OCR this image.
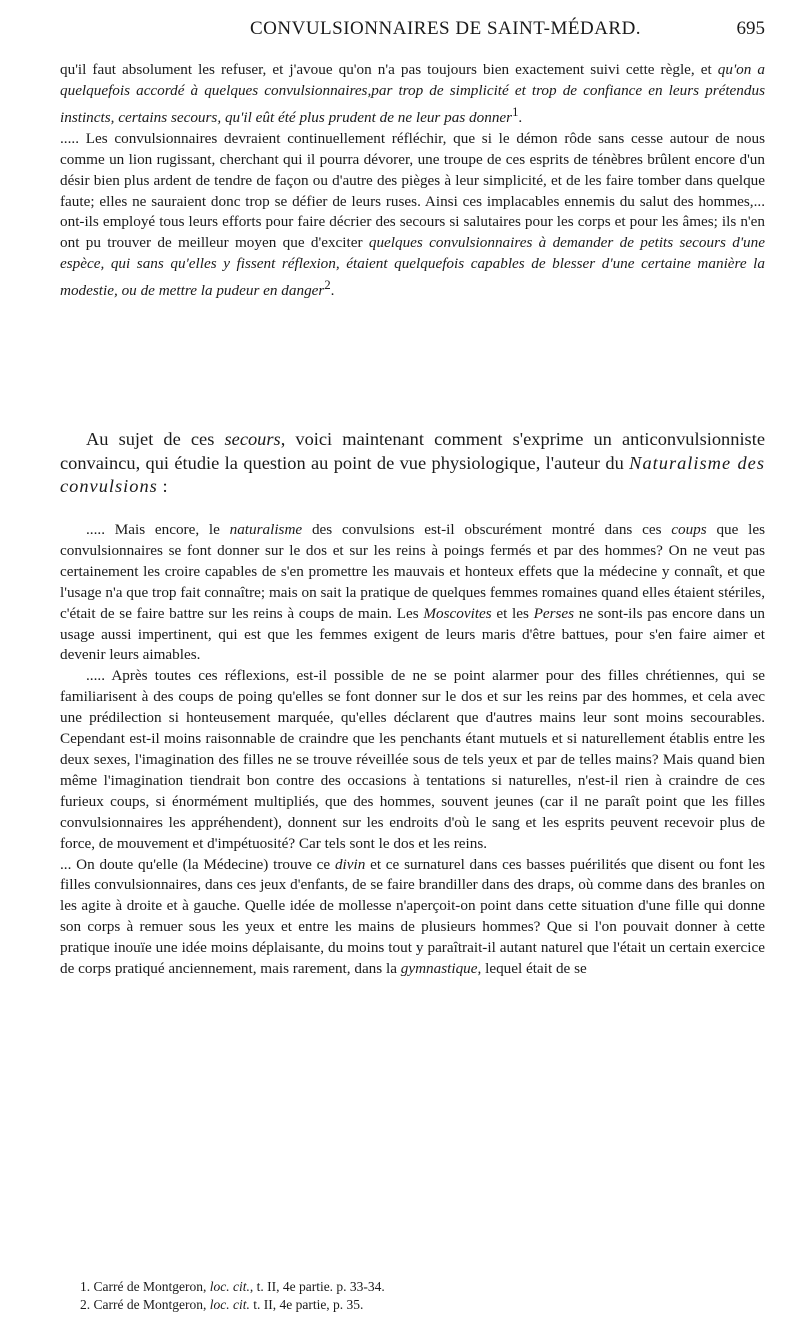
CONVULSIONNAIRES DE SAINT-MÉDARD.	695

qu'il faut absolument les refuser, et j'avoue qu'on n'a pas toujours bien exactement suivi cette règle, et qu'on a quelquefois accordé à quelques convulsionnaires,par trop de simplicité et trop de confiance en leurs prétendus instincts, certains secours, qu'il eût été plus prudent de ne leur pas donner$^1$.

..... Les convulsionnaires devraient continuellement réfléchir, que si le démon rôde sans cesse autour de nous comme un lion rugissant, cherchant qui il pourra dévorer, une troupe de ces esprits de ténèbres brûlent encore d'un désir bien plus ardent de tendre de façon ou d'autre des pièges à leur simplicité, et de les faire tomber dans quelque faute; elles ne sauraient donc trop se défier de leurs ruses. Ainsi ces implacables ennemis du salut des hommes,... ont-ils employé tous leurs efforts pour faire décrier des secours si salutaires pour les corps et pour les âmes; ils n'en ont pu trouver de meilleur moyen que d'exciter quelques convulsionnaires à demander de petits secours d'une espèce, qui sans qu'elles y fissent réflexion, étaient quelquefois capables de blesser d'une certaine manière la modestie, ou de mettre la pudeur en danger$^2$.

Au sujet de ces secours, voici maintenant comment s'exprime un anticonvulsionniste convaincu, qui étudie la question au point de vue physiologique, l'auteur du Naturalisme des convulsions :

..... Mais encore, le naturalisme des convulsions est-il obscurément montré dans ces coups que les convulsionnaires se font donner sur le dos et sur les reins à poings fermés et par des hommes? On ne veut pas certainement les croire capables de s'en promettre les mauvais et honteux effets que la médecine y connaît, et que l'usage n'a que trop fait connaître; mais on sait la pratique de quelques femmes romaines quand elles étaient stériles, c'était de se faire battre sur les reins à coups de main. Les Moscovites et les Perses ne sont-ils pas encore dans un usage aussi impertinent, qui est que les femmes exigent de leurs maris d'être battues, pour s'en faire aimer et devenir leurs aimables.

..... Après toutes ces réflexions, est-il possible de ne se point alarmer pour des filles chrétiennes, qui se familiarisent à des coups de poing qu'elles se font donner sur le dos et sur les reins par des hommes, et cela avec une prédilection si honteusement marquée, qu'elles déclarent que d'autres mains leur sont moins secourables. Cependant est-il moins raisonnable de craindre que les penchants étant mutuels et si naturellement établis entre les deux sexes, l'imagination des filles ne se trouve réveillée sous de tels yeux et par de telles mains? Mais quand bien même l'imagination tiendrait bon contre des occasions à tentations si naturelles, n'est-il rien à craindre de ces furieux coups, si énormément multipliés, que des hommes, souvent jeunes (car il ne paraît point que les filles convulsionnaires les appréhendent), donnent sur les endroits d'où le sang et les esprits peuvent recevoir plus de force, de mouvement et d'impétuosité? Car tels sont le dos et les reins.

... On doute qu'elle (la Médecine) trouve ce divin et ce surnaturel dans ces basses puérilités que disent ou font les filles convulsionnaires, dans ces jeux d'enfants, de se faire brandiller dans des draps, où comme dans des branles on les agite à droite et à gauche. Quelle idée de mollesse n'aperçoit-on point dans cette situation d'une fille qui donne son corps à remuer sous les yeux et entre les mains de plusieurs hommes? Que si l'on pouvait donner à cette pratique inouïe une idée moins déplaisante, du moins tout y paraîtrait-il autant naturel que l'était un certain exercice de corps pratiqué anciennement, mais rarement, dans la gymnastique, lequel était de se

1. Carré de Montgeron, loc. cit., t. II, 4e partie. p. 33-34.
2. Carré de Montgeron, loc. cit. t. II, 4e partie, p. 35.
